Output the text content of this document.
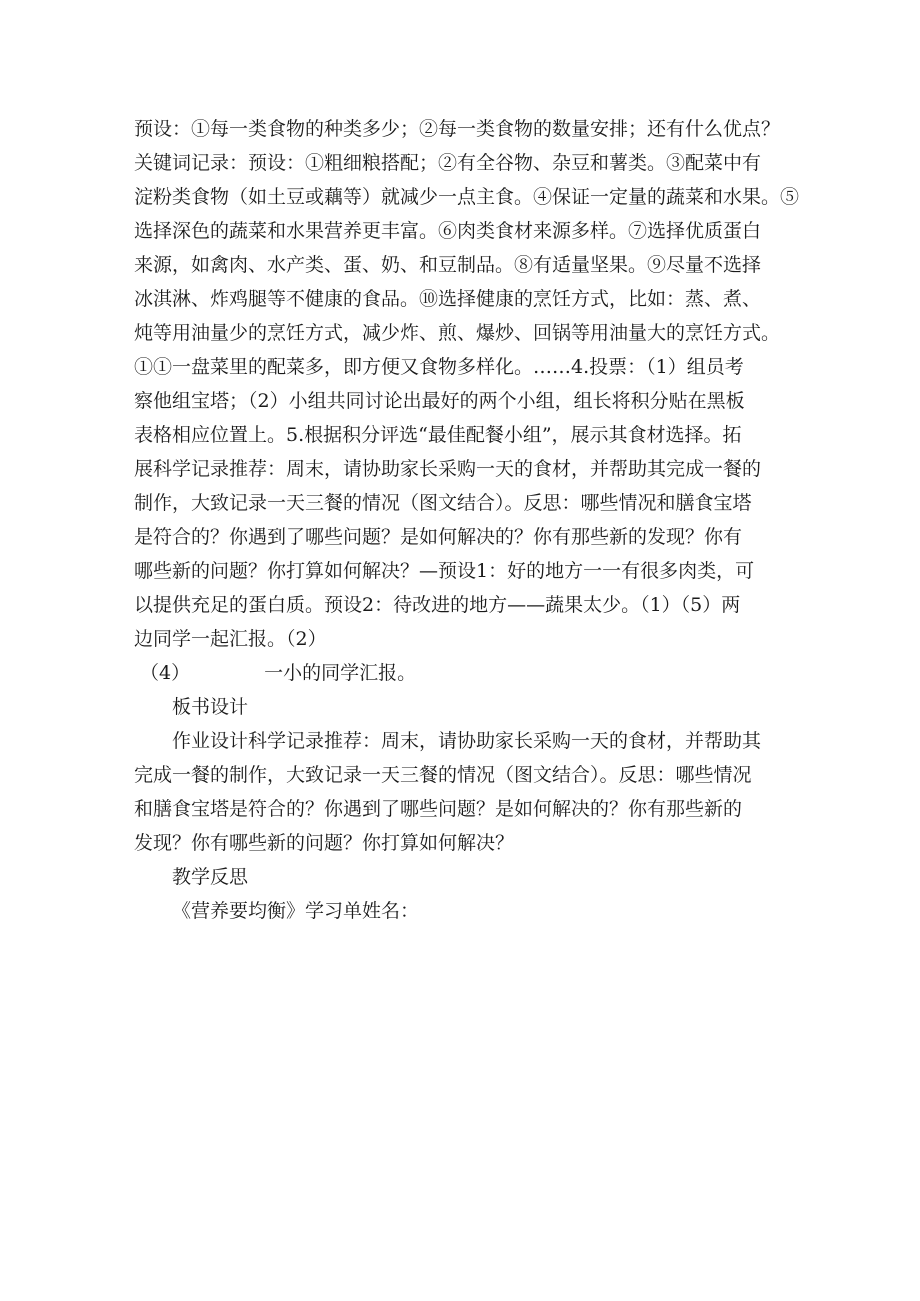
预设：①每一类食物的种类多少；②每一类食物的数量安排；还有什么优点？
关键词记录：预设：①粗细粮搭配；②有全谷物、杂豆和薯类。③配菜中有
淀粉类食物（如土豆或藕等）就减少一点主食。④保证一定量的蔬菜和水果。⑤
选择深色的蔬菜和水果营养更丰富。⑥肉类食材来源多样。⑦选择优质蛋白
来源，如禽肉、水产类、蛋、奶、和豆制品。⑧有适量坚果。⑨尽量不选择
冰淇淋、炸鸡腿等不健康的食品。⑩选择健康的烹饪方式，比如：蒸、煮、
炖等用油量少的烹饪方式，减少炸、煎、爆炒、回锅等用油量大的烹饪方式。
①①一盘菜里的配菜多，即方便又食物多样化。……4.投票：（1）组员考
察他组宝塔；（2）小组共同讨论出最好的两个小组，组长将积分贴在黑板
表格相应位置上。5.根据积分评选“最佳配餐小组”，展示其食材选择。拓
展科学记录推荐：周末，请协助家长采购一天的食材，并帮助其完成一餐的
制作，大致记录一天三餐的情况（图文结合）。反思：哪些情况和膳食宝塔
是符合的？你遇到了哪些问题？是如何解决的？你有那些新的发现？你有
哪些新的问题？你打算如何解决？—预设1：好的地方一一有很多肉类，可
以提供充足的蛋白质。预设2：待改进的地方——蔬果太少。（1）（5）两
边同学一起汇报。（2）
（4）	一小的同学汇报。
板书设计
作业设计科学记录推荐：周末，请协助家长采购一天的食材，并帮助其
完成一餐的制作，大致记录一天三餐的情况（图文结合）。反思：哪些情况
和膳食宝塔是符合的？你遇到了哪些问题？是如何解决的？你有那些新的
发现？你有哪些新的问题？你打算如何解决？
教学反思
《营养要均衡》学习单姓名：
